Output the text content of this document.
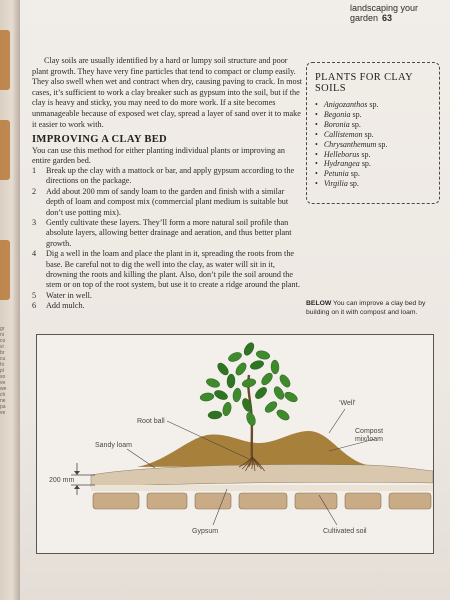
gr
ni
co
vi
br
cu
hi
pl
so
ve
we
ch
ne
pa
ve
landscaping your garden 63

Clay soils are usually identified by a hard or lumpy soil structure and poor plant growth. They have very fine particles that tend to compact or clump easily. They also swell when wet and contract when dry, causing paving to crack. In most cases, it’s sufficient to work a clay breaker such as gypsum into the soil, but if the clay is heavy and sticky, you may need to do more work. If a site becomes unmanageable because of exposed wet clay, spread a layer of sand over it to make it easier to work with.

IMPROVING A CLAY BED

You can use this method for either planting individual plants or improving an entire garden bed.

1 Break up the clay with a mattock or bar, and apply gypsum according to the directions on the package.
2 Add about 200 mm of sandy loam to the garden and finish with a similar depth of loam and compost mix (commercial plant medium is suitable but don’t use potting mix).
3 Gently cultivate these layers. They’ll form a more natural soil profile than absolute layers, allowing better drainage and aeration, and thus better plant growth.
4 Dig a well in the loam and place the plant in it, spreading the roots from the base. Be careful not to dig the well into the clay, as water will sit in it, drowning the roots and killing the plant. Also, don’t pile the soil around the stem or on top of the root system, but use it to create a ridge around the plant.
5 Water in well.
6 Add mulch.
PLANTS FOR CLAY SOILS
• Anigozanthos sp.
• Begonia sp.
• Boronia sp.
• Callistemon sp.
• Chrysanthemum sp.
• Helleborus sp.
• Hydrangea sp.
• Petunia sp.
• Virgilia sp.

BELOW You can improve a clay bed by building on it with compost and loam.

Root ball
‘Well’
Compost mix/loam
Sandy loam
200 mm
Gypsum	Cultivated soil
